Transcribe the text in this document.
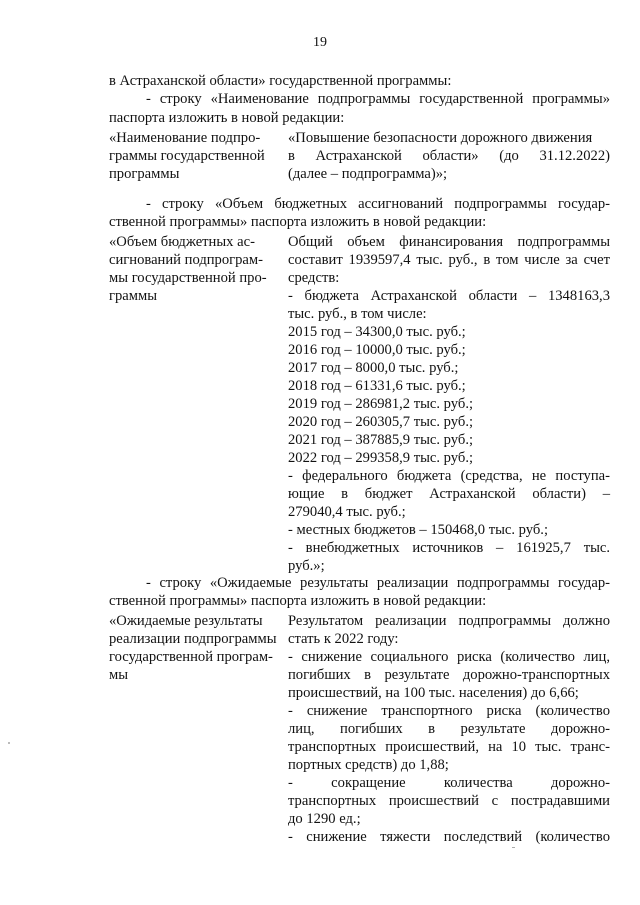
19
в Астраханской области» государственной программы:
- строку «Наименование подпрограммы государственной программы»
паспорта изложить в новой редакции:
«Наименование подпро-
граммы государственной
программы
«Повышение безопасности дорожного движения
в Астраханской области» (до 31.12.2022)
(далее – подпрограмма)»;
- строку «Объем бюджетных ассигнований подпрограммы государ-
ственной программы» паспорта изложить в новой редакции:
«Объем бюджетных ас-
сигнований подпрограм-
мы государственной про-
граммы
Общий объем финансирования подпрограммы
составит 1939597,4 тыс. руб., в том числе за счет
средств:
- бюджета Астраханской области – 1348163,3
тыс. руб., в том числе:
2015 год – 34300,0 тыс. руб.;
2016 год – 10000,0 тыс. руб.;
2017 год – 8000,0 тыс. руб.;
2018 год – 61331,6 тыс. руб.;
2019 год – 286981,2 тыс. руб.;
2020 год – 260305,7 тыс. руб.;
2021 год – 387885,9 тыс. руб.;
2022 год – 299358,9 тыс. руб.;
- федерального бюджета (средства, не поступа-
ющие в бюджет Астраханской области) –
279040,4 тыс. руб.;
- местных бюджетов – 150468,0 тыс. руб.;
- внебюджетных источников – 161925,7 тыс.
руб.»;
- строку «Ожидаемые результаты реализации подпрограммы государ-
ственной программы» паспорта изложить в новой редакции:
«Ожидаемые результаты
реализации подпрограммы
государственной програм-
мы
Результатом реализации подпрограммы должно
стать к 2022 году:
- снижение социального риска (количество лиц,
погибших в результате дорожно-транспортных
происшествий, на 100 тыс. населения) до 6,66;
- снижение транспортного риска (количество
лиц, погибших в результате дорожно-
транспортных происшествий, на 10 тыс. транс-
портных средств) до 1,88;
- сокращение количества дорожно-
транспортных происшествий с пострадавшими
до 1290 ед.;
- снижение тяжести последствий (количество
